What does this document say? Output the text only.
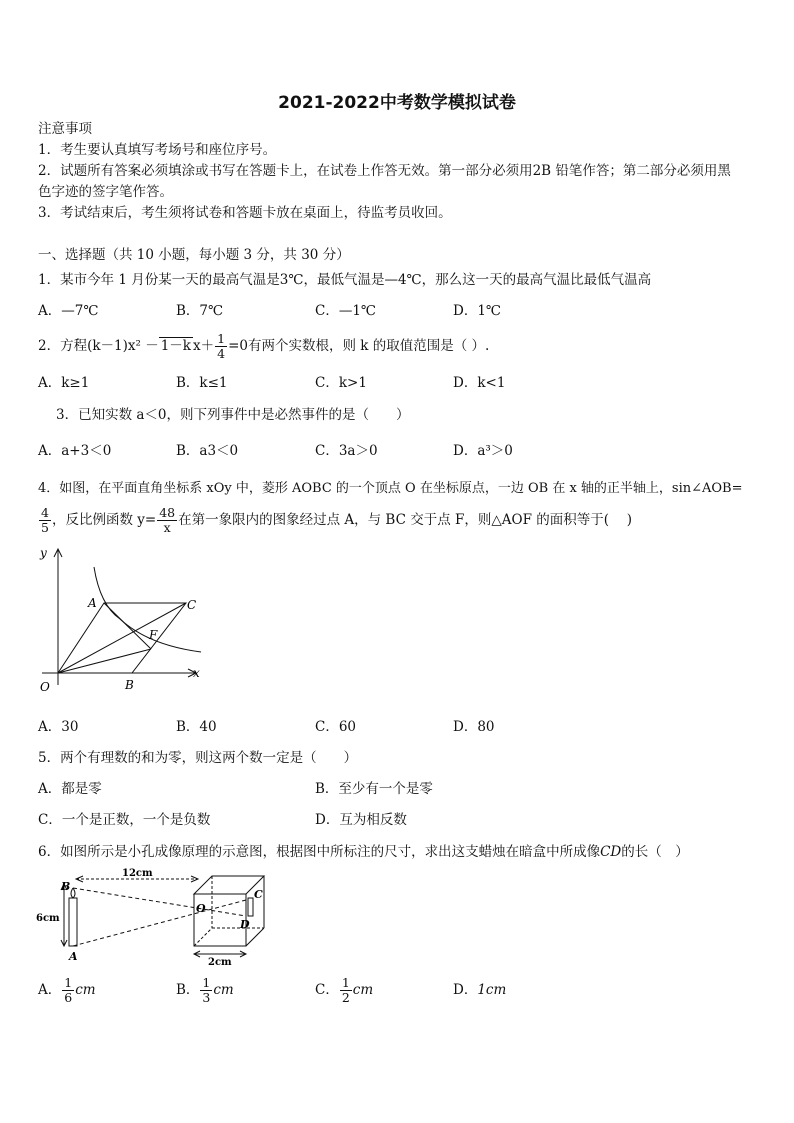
2021-2022中考数学模拟试卷
注意事项
1．考生要认真填写考场号和座位序号。
2．试题所有答案必须填涂或书写在答题卡上，在试卷上作答无效。第一部分必须用2B 铅笔作答；第二部分必须用黑
色字迹的签字笔作答。
3．考试结束后，考生须将试卷和答题卡放在桌面上，待监考员收回。
一、选择题（共 10 小题，每小题 3 分，共 30 分）
1．某市今年 1 月份某一天的最高气温是3℃，最低气温是—4℃，那么这一天的最高气温比最低气温高
A．—7℃	B．7℃	C．—1℃	D．1℃
2．方程(k－1)x² － 1－k $x+ \frac{1}{4} =0$有两个实数根，则 k 的取值范围是（ ）.
A．k≥1	B．k≤1	C．k>1	D．k<1
3．已知实数 a＜0，则下列事件中是必然事件的是（　　）
A．a+3＜0	B．a3＜0	C．3a＞0	D．a³＞0
4．如图，在平面直角坐标系 xOy 中，菱形 AOBC 的一个顶点 O 在坐标原点，一边 OB 在 x 轴的正半轴上，sin∠AOB=
$\frac{4}{5}$ ，反比例函数 $y= \frac{48}{x}$ 在第一象限内的图象经过点 A，与 BC 交于点 F，则△AOF 的面积等于(　 )
y
x
O
A
B
C
F
A．30	B．40	C．60	D．80
5．两个有理数的和为零，则这两个数一定是（　　）
A．都是零	B．至少有一个是零
C．一个是正数，一个是负数	D．互为相反数
6．如图所示是小孔成像原理的示意图，根据图中所标注的尺寸，求出这支蜡烛在暗盒中所成像CD的长（　）
12cm
6cm
2cm
B
A
O
C
D
A． $\frac{1}{6}$ cm	B． $\frac{1}{3}$ cm	C． $\frac{1}{2}$ cm	D．1cm
